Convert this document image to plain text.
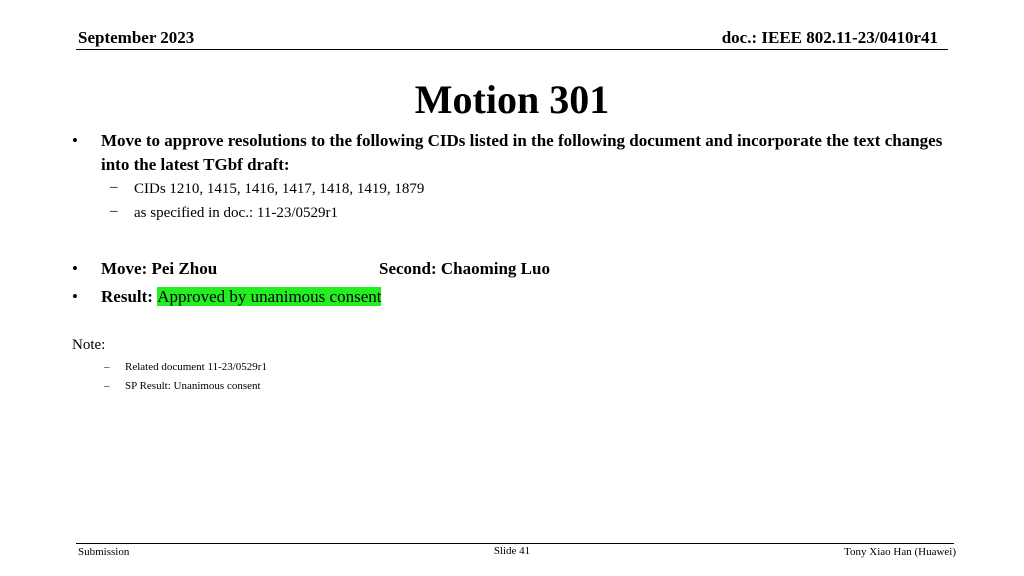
September 2023	doc.: IEEE 802.11-23/0410r41
Motion 301
• Move to approve resolutions to the following CIDs listed in the following document and incorporate the text changes into the latest TGbf draft:
– CIDs 1210, 1415, 1416, 1417, 1418, 1419, 1879
– as specified in doc.: 11-23/0529r1
• Move: Pei Zhou	Second: Chaoming Luo
• Result: Approved by unanimous consent
Note:
– Related document 11-23/0529r1
– SP Result: Unanimous consent
Submission	Slide 41	Tony Xiao Han (Huawei)
